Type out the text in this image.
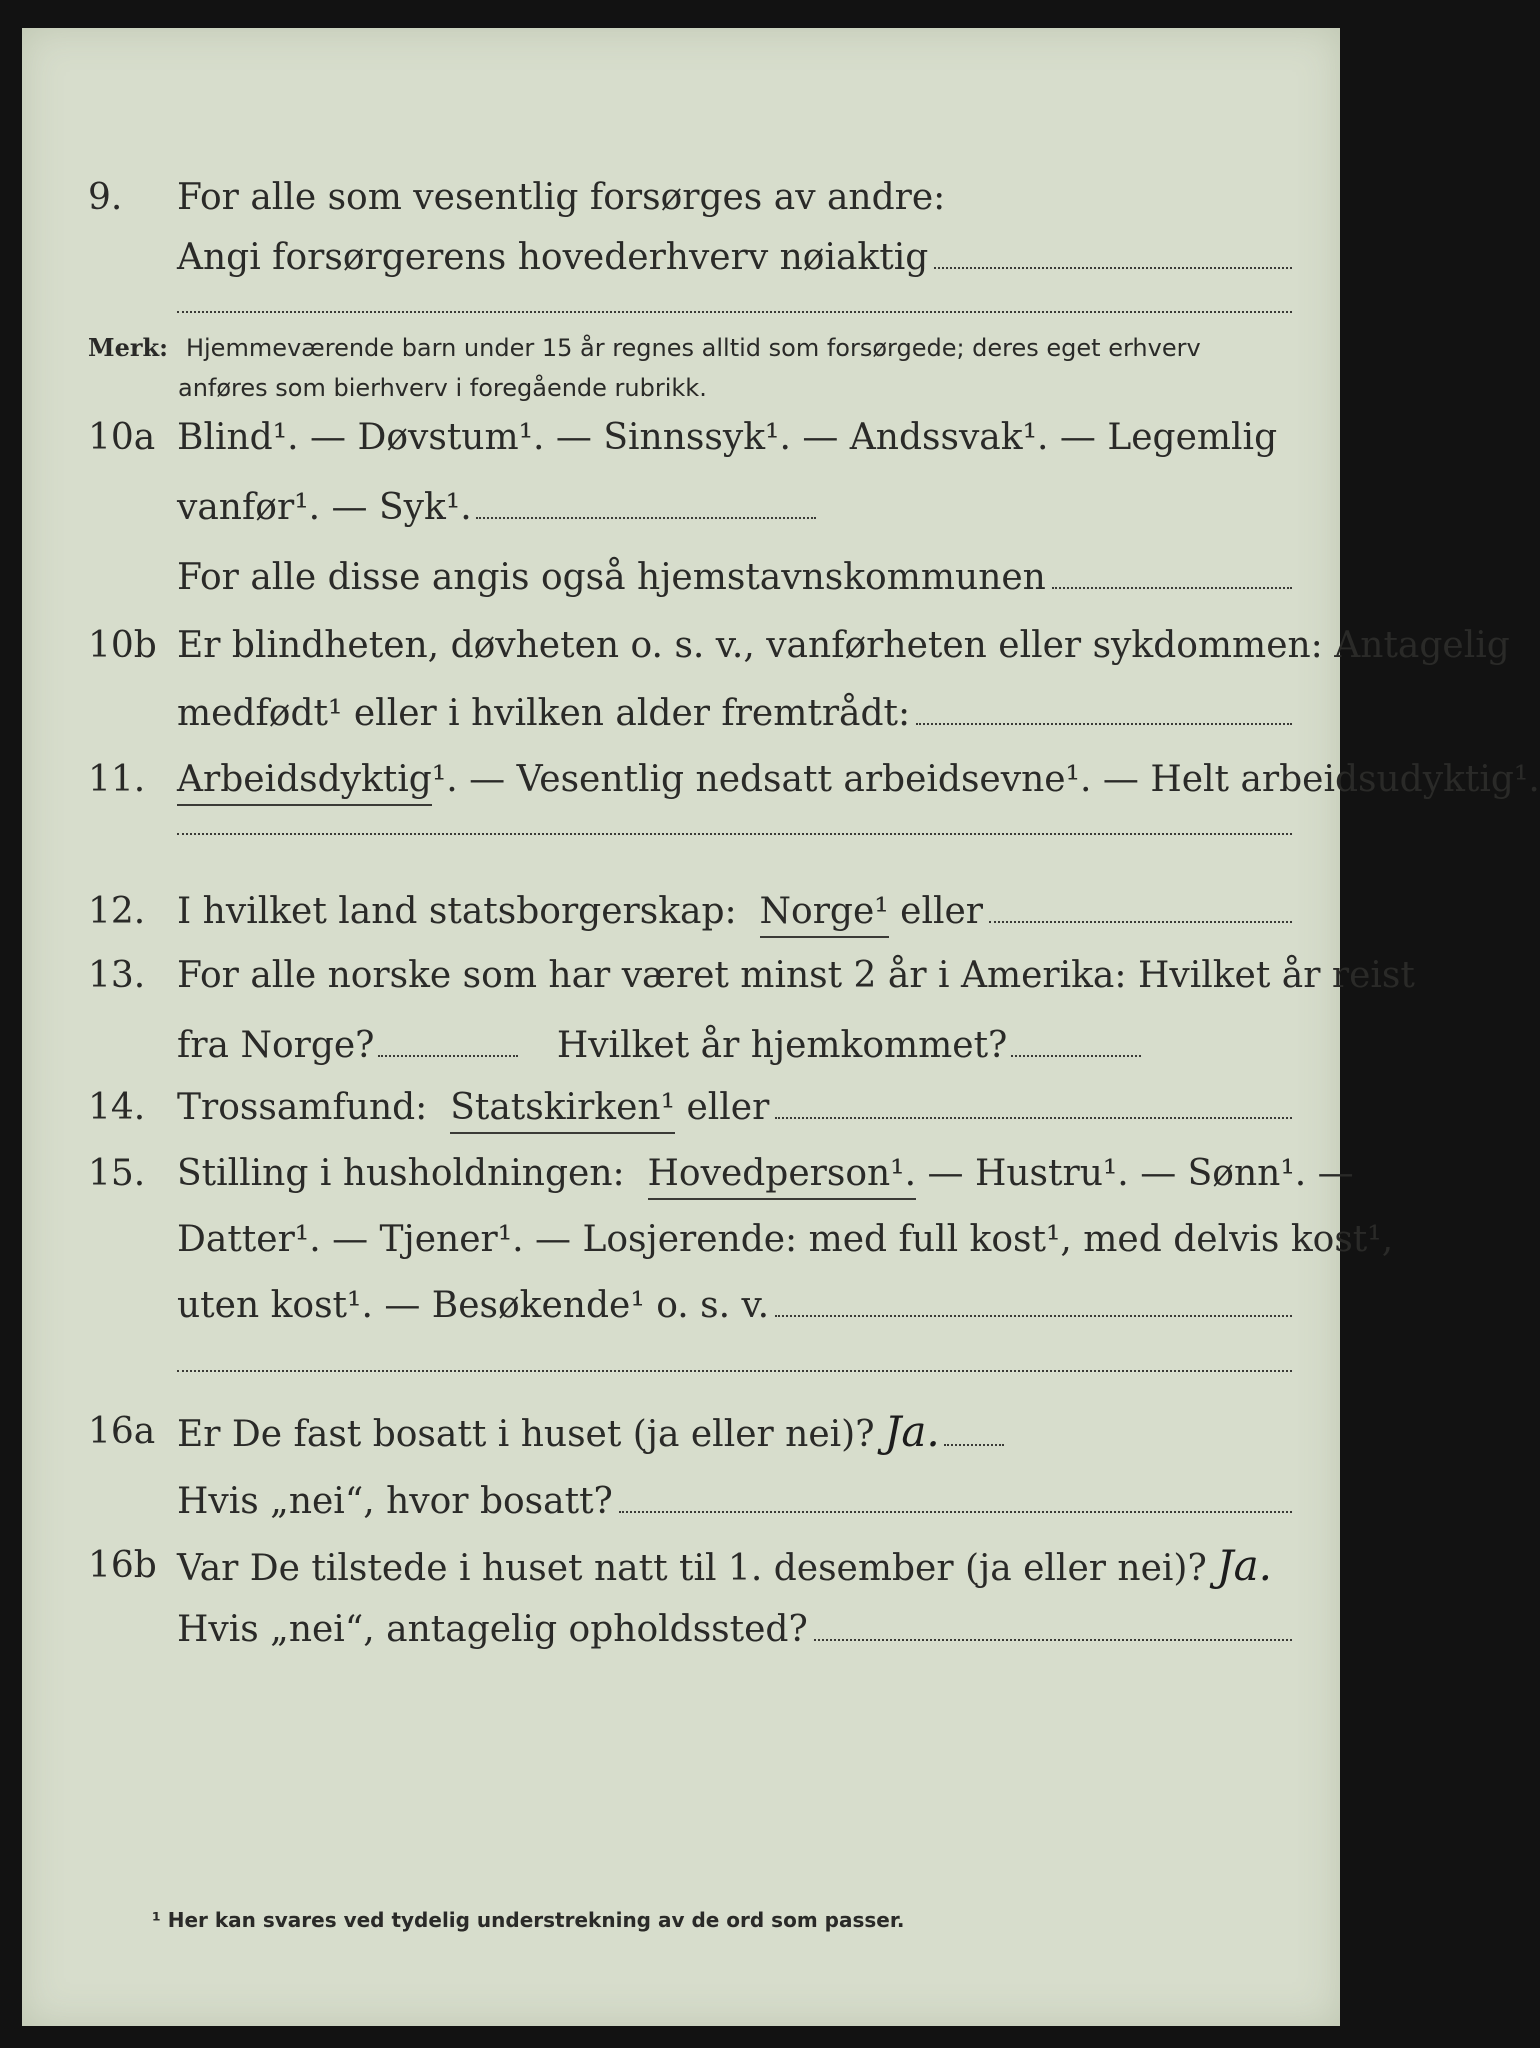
9.	For alle som vesentlig forsørges av andre:
Angi forsørgerens hovederhverv nøiaktig
Merk: Hjemmeværende barn under 15 år regnes alltid som forsørgede; deres eget erhverv
anføres som bierhverv i foregående rubrikk.
10a Blind¹. — Døvstum¹. — Sinnssyk¹. — Andssvak¹. — Legemlig
vanfør¹. — Syk¹.
For alle disse angis også hjemstavnskommunen
10b Er blindheten, døvheten o. s. v., vanførheten eller sykdommen: Antagelig
medfødt¹ eller i hvilken alder fremtrådt:
11. Arbeidsdyktig ¹. — Vesentlig nedsatt arbeidsevne¹. — Helt arbeidsudyktig¹.
12. I hvilket land statsborgerskap:
Norge¹
eller
13. For alle norske som har været minst 2 år i Amerika: Hvilket år reist
fra Norge?
	Hvilket år hjemkommet?
14. Trossamfund:
Statskirken¹
eller
15. Stilling i husholdningen:
Hovedperson¹.
— Hustru¹. — Sønn¹. —
Datter¹. — Tjener¹. — Losjerende: med full kost¹, med delvis kost¹,
uten kost¹. — Besøkende¹ o. s. v.
16a Er De fast bosatt i huset (ja eller nei)? Ja.
Hvis „nei“, hvor bosatt?
16b Var De tilstede i huset natt til 1. desember (ja eller nei)? Ja.
Hvis „nei“, antagelig opholdssted?
¹ Her kan svares ved tydelig understrekning av de ord som passer.
